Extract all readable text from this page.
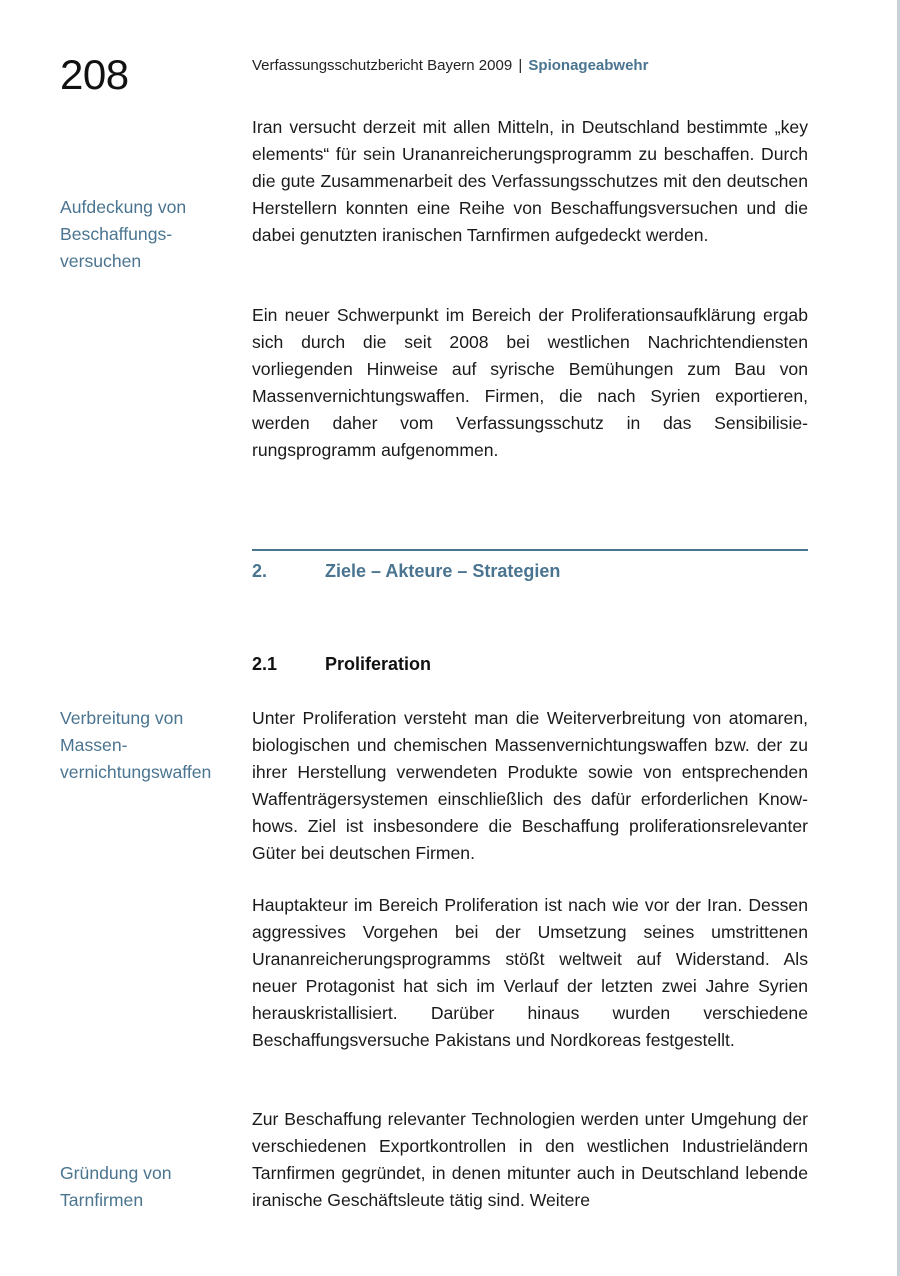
208	Verfassungsschutzbericht Bayern 2009 | Spionageabwehr

Aufdeckung von Beschaffungsversuchen

Iran versucht derzeit mit allen Mitteln, in Deutschland bestimmte „key elements“ für sein Urananreicherungsprogramm zu beschaffen. Durch die gute Zusammenarbeit des Verfassungsschutzes mit den deutschen Herstellern konnten eine Reihe von Beschaffungsversuchen und die dabei genutzten iranischen Tarnfirmen aufgedeckt werden.

Ein neuer Schwerpunkt im Bereich der Proliferationsaufklärung ergab sich durch die seit 2008 bei westlichen Nachrichtendiensten vorliegenden Hinweise auf syrische Bemühungen zum Bau von Massenvernichtungswaffen. Firmen, die nach Syrien exportieren, werden daher vom Verfassungsschutz in das Sensibilisierungsprogramm aufgenommen.

2.	Ziele – Akteure – Strategien
2.1	Proliferation

Verbreitung von Massenvernichtungswaffen

Unter Proliferation versteht man die Weiterverbreitung von atomaren, biologischen und chemischen Massenvernichtungswaffen bzw. der zu ihrer Herstellung verwendeten Produkte sowie von entsprechenden Waffenträgersystemen einschließlich des dafür erforderlichen Know-hows. Ziel ist insbesondere die Beschaffung proliferationsrelevanter Güter bei deutschen Firmen.

Hauptakteur im Bereich Proliferation ist nach wie vor der Iran. Dessen aggressives Vorgehen bei der Umsetzung seines umstrittenen Urananreicherungsprogramms stößt weltweit auf Widerstand. Als neuer Protagonist hat sich im Verlauf der letzten zwei Jahre Syrien herauskristallisiert. Darüber hinaus wurden verschiedene Beschaffungsversuche Pakistans und Nordkoreas festgestellt.

Gründung von Tarnfirmen

Zur Beschaffung relevanter Technologien werden unter Umgehung der verschiedenen Exportkontrollen in den westlichen Industrieländern Tarnfirmen gegründet, in denen mitunter auch in Deutschland lebende iranische Geschäftsleute tätig sind. Weitere
